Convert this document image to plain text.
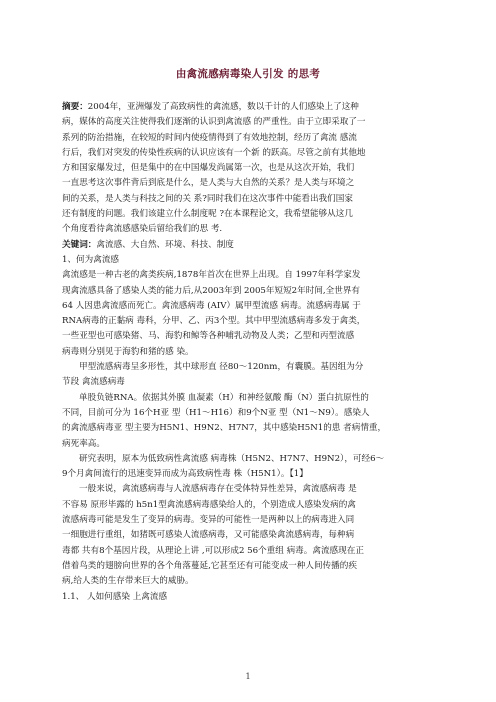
由禽流感病毒染人引发 的思考
摘要：2004年，亚洲爆发了高致病性的禽流感，数以千计的人们感染上了这种
病，媒体的高度关注使得我们逐渐的认识到禽流感 的严重性。由于立即采取了一
系列的防治措施，在较短的时间内使疫情得到了有效地控制，经历了禽流 感流
行后，我们对突发的传染性疾病的认识应该有一个新 的跃高。尽管之前有其他地
方和国家爆发过，但是集中的在中国爆发尚属第一次，也是从这次开始，我们
一直思考这次事件背后到底是什么，是人类与大自然的关系？是人类与环境之
间的关系，是人类与科技之间的关 系?同时我们在这次事件中能看出我们国家
还有制度的问题。我们该建立什么制度呢 ?在本课程论文，我希望能够从这几
个角度看待禽流感感染后留给我们的思 考.
关键词：禽流感、大自然、环境、科技、制度
1、何为禽流感
禽流感是一种古老的禽类疾病,1878年首次在世界上出现。自 1997年科学家发
现禽流感具备了感染人类的能力后,从2003年到 2005年短短2年时间,全世界有
64 人因患禽流感而死亡。禽流感病毒 (AIV）属甲型流感 病毒。流感病毒属 于
RNA病毒的正黏病 毒科，分甲、乙、丙3个型。其中甲型流感病毒多发于禽类，
一些亚型也可感染猪、马、海豹和鲸等各种哺乳动物及人类；乙型和丙型流感
病毒则分别见于海豹和猪的感 染。
甲型流感病毒呈多形性，其中球形直 径80～120nm，有囊膜。基因组为分
节段 禽流感病毒
单股负链RNA。依据其外膜 血凝素（H）和神经氨酸 酶（N）蛋白抗原性的
不同，目前可分为 16个H亚 型（H1～H16）和9个N亚 型（N1～N9）。感染人
的禽流感病毒亚 型主要为H5N1、H9N2、H7N7，其中感染H5N1的患 者病情重，
病死率高。
研究表明，原本为低致病性禽流感 病毒株（H5N2、H7N7、H9N2），可经6～
9个月禽间流行的迅速变异而成为高致病性毒 株（H5N1）。【1】
一般来说，禽流感病毒与人流感病毒存在受体特异性差异，禽流感病毒 是
不容易 原形毕露的 h5n1型禽流感病毒感染给人的，个别造成人感染发病的禽
流感病毒可能是发生了变异的病毒。变异的可能性一是两种以上的病毒进入同
一细胞进行重组，如猪既可感染人流感病毒，又可能感染禽流感病毒，每种病
毒都 共有8个基因片段，从理论上讲 ,可以形成2 56个重组 病毒。禽流感现在正
借着鸟类的翅膀向世界的各个角落蔓延,它甚至还有可能变成一种人间传播的疾
病,给人类的生存带来巨大的威胁。
1.1、 人如何感染 上禽流感
1
